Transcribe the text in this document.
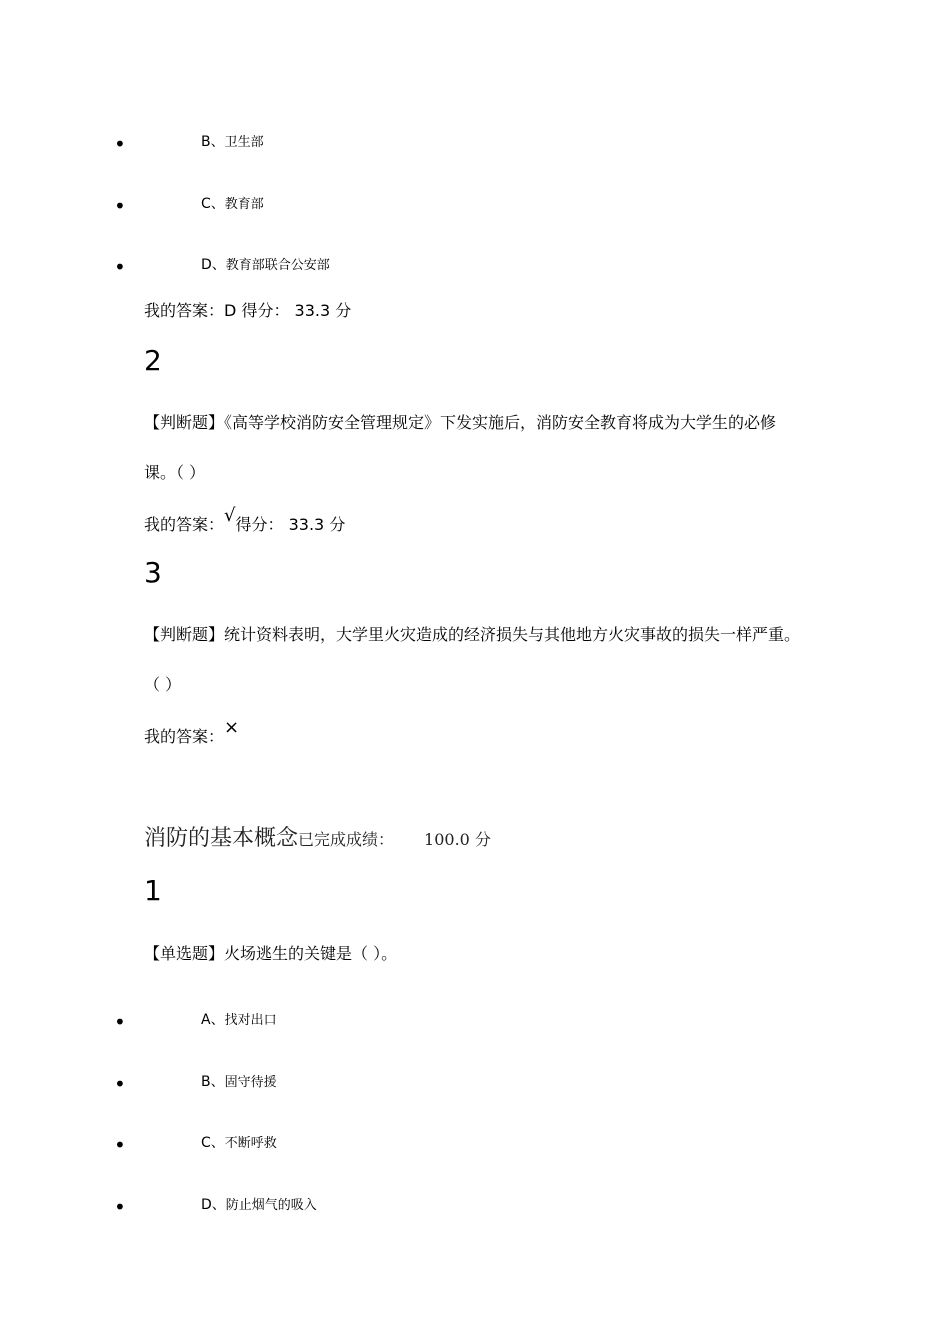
•	B、卫生部
•	C、教育部
•	D、教育部联合公安部
我的答案：D 得分： 33.3 分
2
【判断题】《高等学校消防安全管理规定》下发实施后，消防安全教育将成为大学生的必修
课。（ ）
我的答案：√得分： 33.3 分
3
【判断题】统计资料表明，大学里火灾造成的经济损失与其他地方火灾事故的损失一样严重。
（ ）
我的答案：×
消防的基本概念已完成成绩： 100.0 分
1
【单选题】火场逃生的关键是（ ）。
•	A、找对出口
•	B、固守待援
•	C、不断呼救
•	D、防止烟气的吸入
